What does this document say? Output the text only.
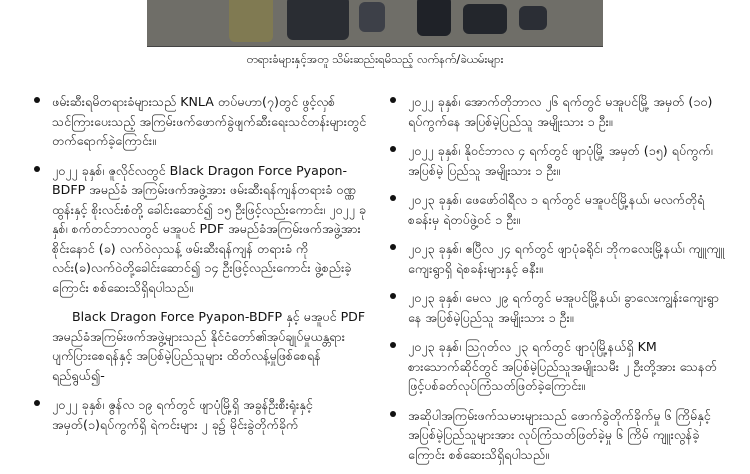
တရားခံများနှင့်အတူ သိမ်းဆည်းရမိသည့် လက်နက်/ခဲယမ်းများ
ဖမ်းဆီးရမိတရားခံများသည် KNLA တပ်မဟာ(၇)တွင် ဖွင့်လှစ်သင်ကြားပေးသည့် အကြမ်းဖက်ဖောက်ခွဲဖျက်ဆီးရေးသင်တန်းများတွင် တက်ရောက်ခဲ့ကြောင်း။
၂၀၂၂ ခုနှစ်၊ ဇူလိုင်လတွင် Black Dragon Force Pyapon-BDFP အမည်ခံ အကြမ်းဖက်အဖွဲ့အား ဖမ်းဆီးရန်ကျန်တရားခံ ဝဏ္ဏထွန်းနှင့် စိုးလင်းစံတို့ ခေါင်းဆောင်၍ ၁၅ ဦးဖြင့်လည်းကောင်း၊ ၂၀၂၂ ခုနှစ်၊ စက်တင်ဘာလတွင် မအူပင် PDF အမည်ခံအကြမ်းဖက်အဖွဲ့အား စိုင်းနောင် (ခ) လက်ဝဲလှသန့် ဖမ်းဆီးရန်ကျန် တရားခံ ကိုလင်း(ခ)လက်ဝဲတို့ခေါင်းဆောင်၍ ၁၄ ဦးဖြင့်လည်းကောင်း ဖွဲ့စည်းခဲ့ကြောင်း စစ်ဆေးသိရှိရပါသည်။

Black Dragon Force Pyapon-BDFP နှင့် မအူပင် PDF အမည်ခံအကြမ်းဖက်အဖွဲ့များသည် နိုင်ငံတော်၏အုပ်ချုပ်မှုယန္တရားပျက်ပြားစေရန်နှင့် အပြစ်မဲ့ပြည်သူများ ထိတ်လန့်မှုဖြစ်စေရန်ရည်ရွယ်၍-

၂၀၂၂ ခုနှစ်၊ ဇွန်လ ၁၉ ရက်တွင် ဖျာပုံမြို့ရှိ အခွန်ဦးစီးရုံးနှင့် အမှတ်(၁)ရပ်ကွက်ရှိ ရဲကင်းများ ၂ ခု၌ မိုင်းခွဲတိုက်ခိုက်
၂၀၂၂ ခုနှစ်၊ အောက်တိုဘာလ ၂၆ ရက်တွင် မအူပင်မြို့ အမှတ် (၁၀) ရပ်ကွက်နေ အပြစ်မဲ့ပြည်သူ အမျိုးသား ၁ ဦး။
၂၀၂၂ ခုနှစ်၊ နိုဝင်ဘာလ ၄ ရက်တွင် ဖျာပုံမြို့ အမှတ် (၁၅) ရပ်ကွက်၊ အပြစ်မဲ့ ပြည်သူ အမျိုးသား ၁ ဦး။
၂၀၂၃ ခုနှစ်၊ ဖေဖော်ဝါရီလ ၁ ရက်တွင် မအူပင်မြို့နယ်၊ မလက်တိုရံစခန်းမှ ရဲတပ်ဖွဲ့ဝင် ၁ ဦး။
၂၀၂၃ ခုနှစ်၊ ဧပြီလ ၂၄ ရက်တွင် ဖျာပုံခရိုင်၊ ဘိုကလေးမြို့နယ်၊ ကျူကျူကျေးရွာရှိ ရဲစခန်းများနှင့် ဓနီး။
၂၀၂၃ ခုနှစ်၊ မေလ ၂၉ ရက်တွင် မအူပင်မြို့နယ်၊ ခွာလေးကျွန်းကျေးရွာနေ အပြစ်မဲ့ပြည်သူ အမျိုးသား ၁ ဦး။
၂၀၂၃ ခုနှစ်၊ ဩဂုတ်လ ၂၃ ရက်တွင် ဖျာပုံမြို့နယ်ရှိ KM စားသောက်ဆိုင်တွင် အပြစ်မဲ့ပြည်သူအမျိုးသမီး ၂ ဦးတို့အား သေနတ်ဖြင့်ပစ်ခတ်လုပ်ကြံသတ်ဖြတ်ခဲ့ကြောင်း။
အဆိုပါအကြမ်းဖက်သမားများသည် ဖောက်ခွဲတိုက်ခိုက်မှု ၆ ကြိမ်နှင့် အပြစ်မဲ့ပြည်သူများအား လုပ်ကြံသတ်ဖြတ်ခဲ့မှု ၆ ကြိမ် ကျူးလွန်ခဲ့ကြောင်း စစ်ဆေးသိရှိရပါသည်။
